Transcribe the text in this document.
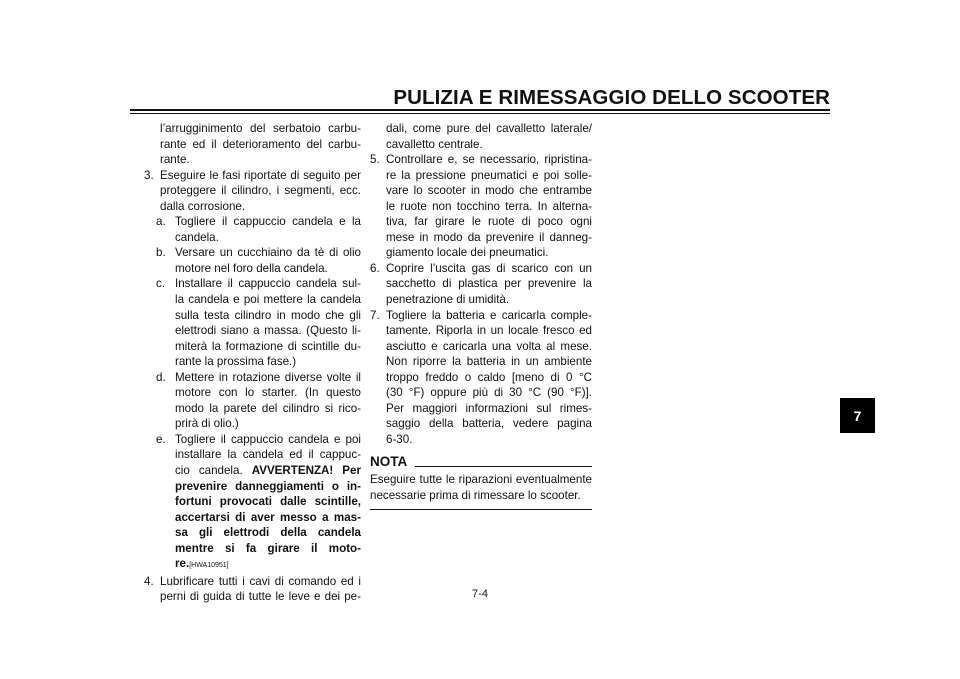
PULIZIA E RIMESSAGGIO DELLO SCOOTER
l’arrugginimento del serbatoio carbu-
rante ed il deterioramento del carbu-
rante.
3. Eseguire le fasi riportate di seguito per
proteggere il cilindro, i segmenti, ecc.
dalla corrosione.
a. Togliere il cappuccio candela e la
candela.
b. Versare un cucchiaino da tè di olio
motore nel foro della candela.
c. Installare il cappuccio candela sul-
la candela e poi mettere la candela
sulla testa cilindro in modo che gli
elettrodi siano a massa. (Questo li-
miterà la formazione di scintille du-
rante la prossima fase.)
d. Mettere in rotazione diverse volte il
motore con lo starter. (In questo
modo la parete del cilindro si rico-
prirà di olio.)
e. Togliere il cappuccio candela e poi
installare la candela ed il cappuc-
cio candela. AVVERTENZA! Per
prevenire danneggiamenti o in-
fortuni provocati dalle scintille,
accertarsi di aver messo a mas-
sa gli elettrodi della candela
mentre si fa girare il moto-
re.[HWA10951]
4. Lubrificare tutti i cavi di comando ed i
perni di guida di tutte le leve e dei pe-
dali, come pure del cavalletto laterale/
cavalletto centrale.
5. Controllare e, se necessario, ripristina-
re la pressione pneumatici e poi solle-
vare lo scooter in modo che entrambe
le ruote non tocchino terra. In alterna-
tiva, far girare le ruote di poco ogni
mese in modo da prevenire il danneg-
giamento locale dei pneumatici.
6. Coprire l’uscita gas di scarico con un
sacchetto di plastica per prevenire la
penetrazione di umidità.
7. Togliere la batteria e caricarla comple-
tamente. Riporla in un locale fresco ed
asciutto e caricarla una volta al mese.
Non riporre la batteria in un ambiente
troppo freddo o caldo [meno di 0 °C
(30 °F) oppure più di 30 °C (90 °F)].
Per maggiori informazioni sul rimes-
saggio della batteria, vedere pagina
6-30.
NOTA
Eseguire tutte le riparazioni eventualmente
necessarie prima di rimessare lo scooter.
7-4
7
